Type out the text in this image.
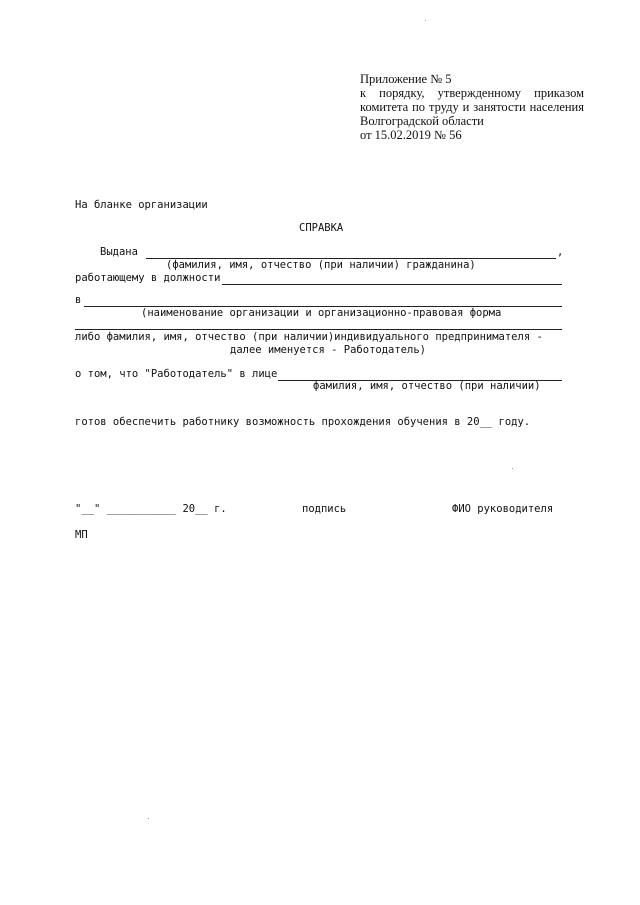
Приложение № 5
к порядку, утвержденному приказом
комитета по труду и занятости населения
Волгоградской области
от 15.02.2019 № 56
На бланке организации
СПРАВКА
Выдана	,
(фамилия, имя, отчество (при наличии) гражданина)
работающему в должности
в
(наименование организации и организационно-правовая форма
либо фамилия, имя, отчество (при наличии)индивидуального предпринимателя -
далее именуется - Работодатель)
о том, что "Работодатель" в лице
фамилия, имя, отчество (при наличии)
готов обеспечить работнику возможность прохождения обучения в 20__ году.
"__" ___________ 20__ г.	подпись	ФИО руководителя
МП
